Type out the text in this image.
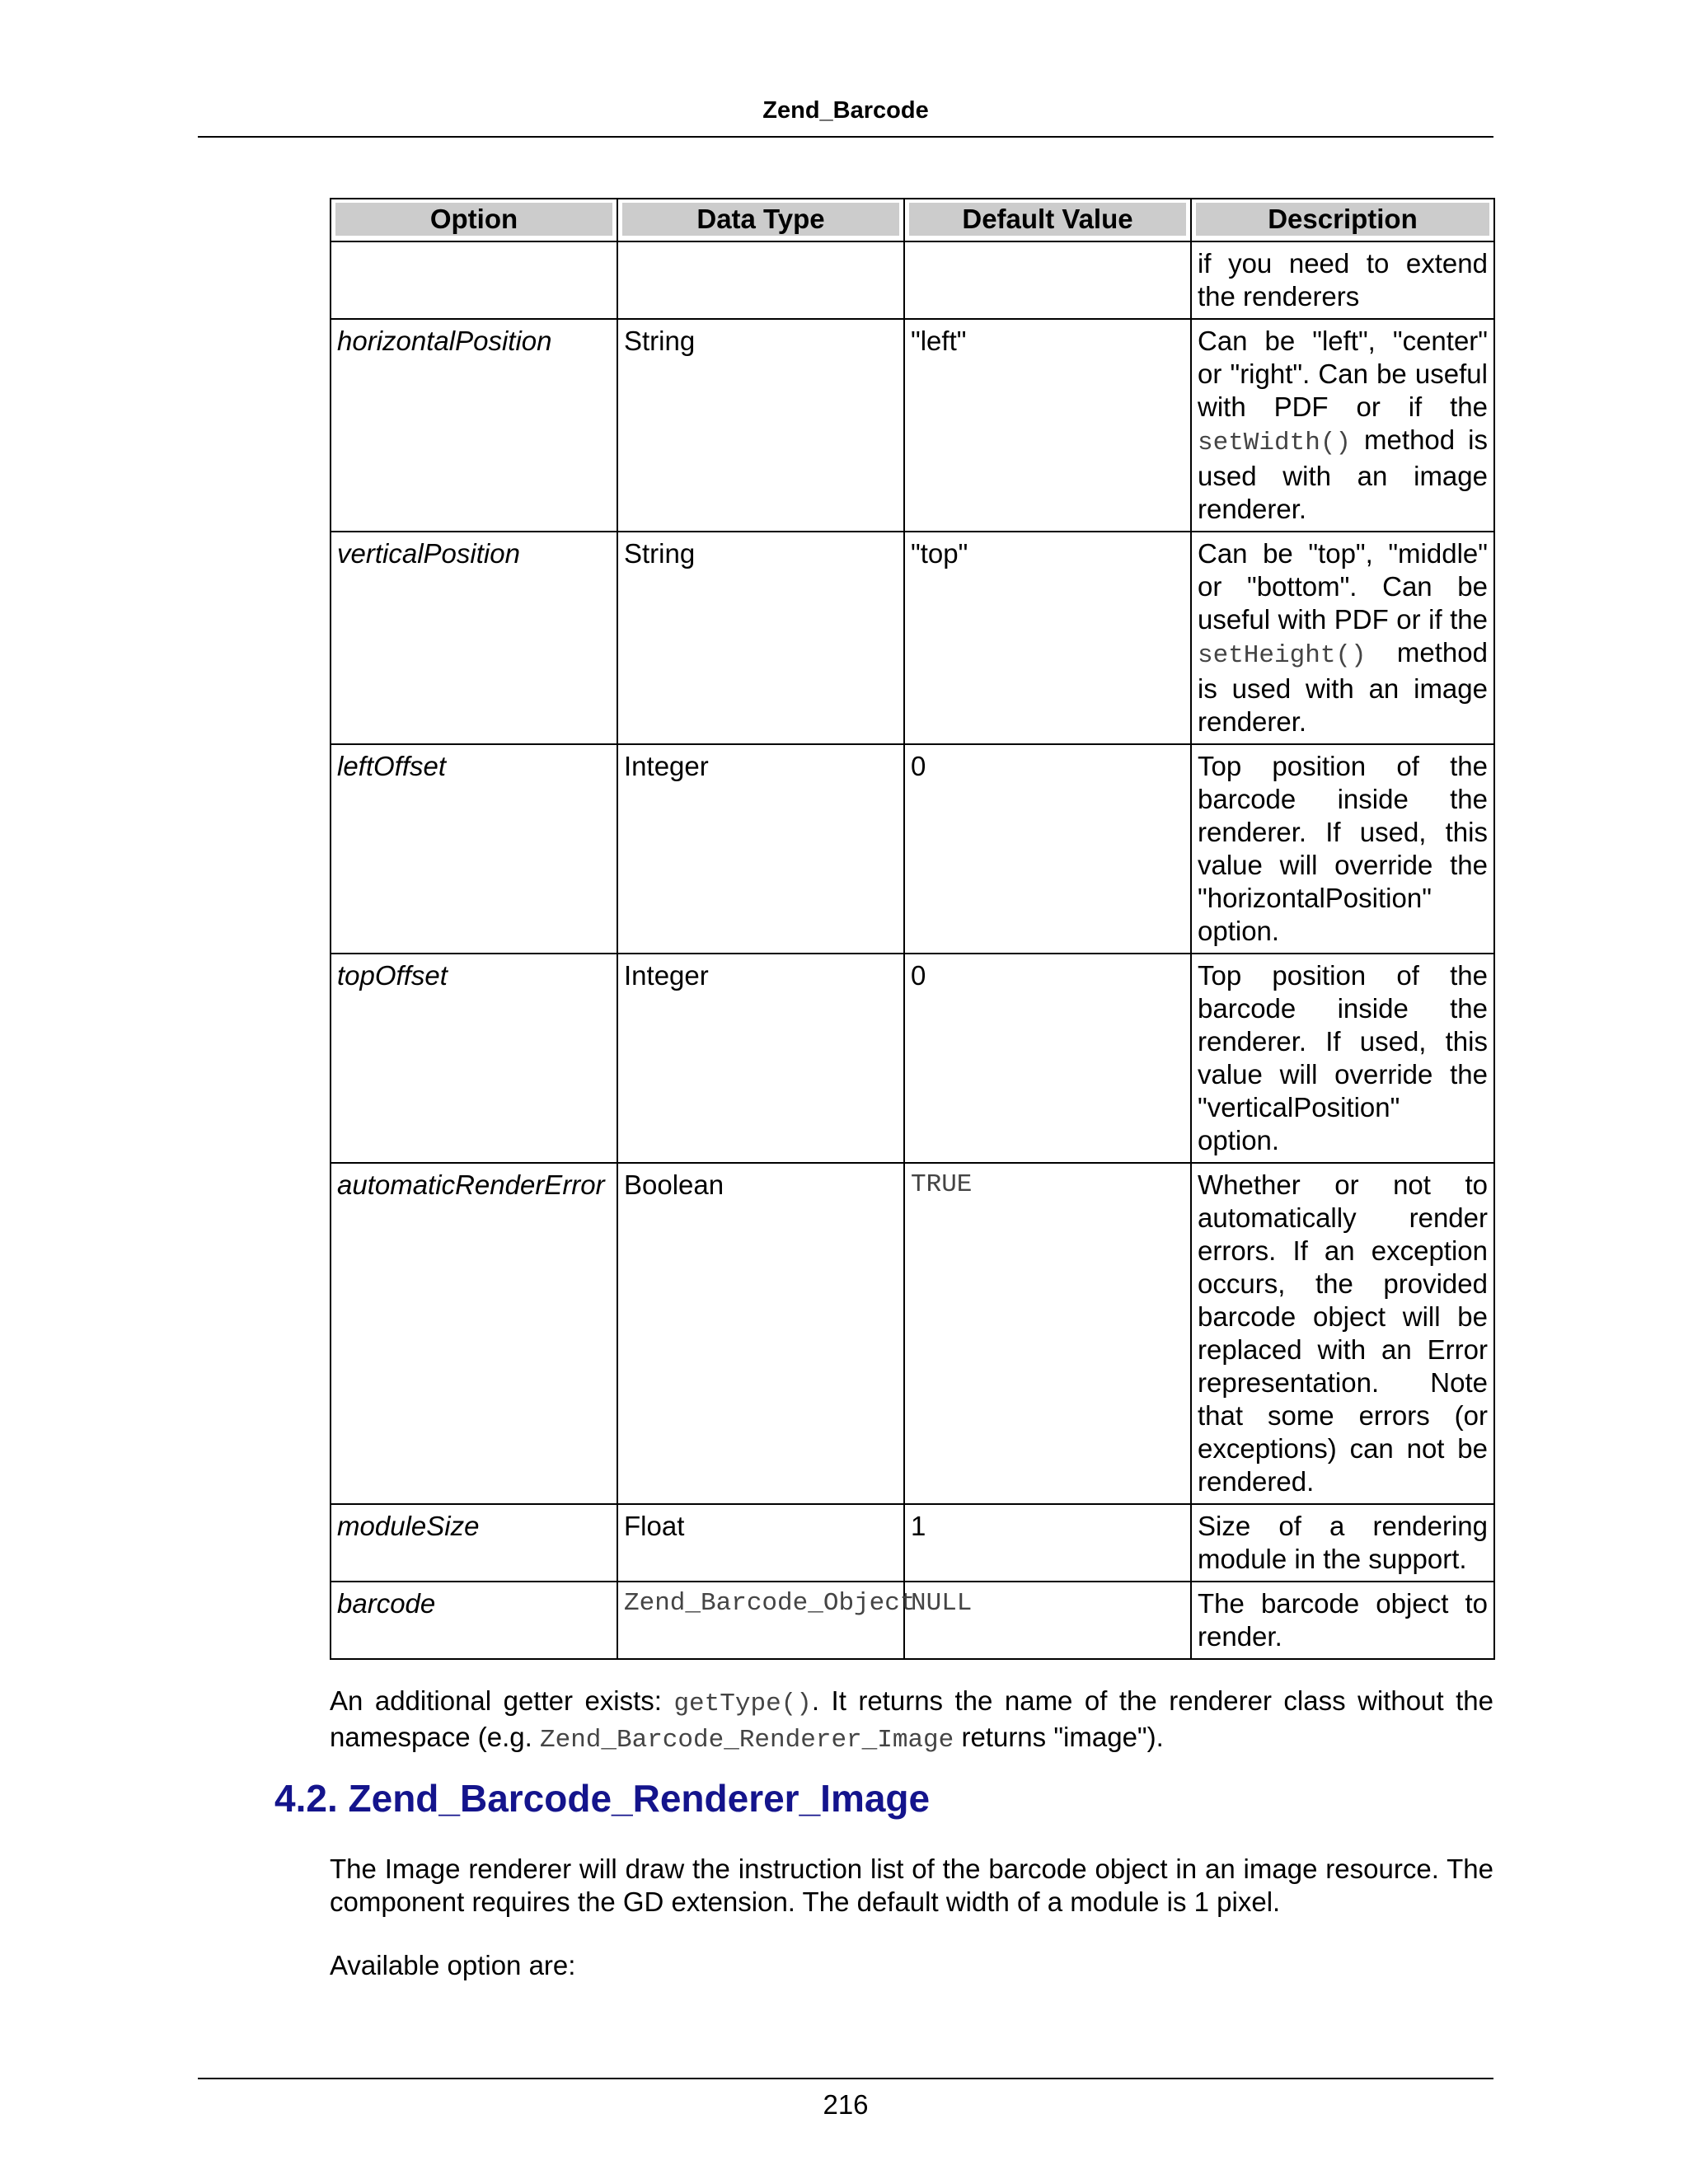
Zend_Barcode
Option	Data Type	Default Value	Description

			if you need to extend the renderers
horizontalPosition	String	"left"	Can be "left", "center" or "right". Can be useful with PDF or if the setWidth() method is used with an image renderer.
verticalPosition	String	"top"	Can be "top", "middle" or "bottom". Can be useful with PDF or if the setHeight() method is used with an image renderer.
leftOffset	Integer	0	Top position of the barcode inside the renderer. If used, this value will override the "horizontalPosition" option.
topOffset	Integer	0	Top position of the barcode inside the renderer. If used, this value will override the "verticalPosition" option.
automaticRenderError	Boolean	TRUE	Whether or not to automatically render errors. If an exception occurs, the provided barcode object will be replaced with an Error representation. Note that some errors (or exceptions) can not be rendered.
moduleSize	Float	1	Size of a rendering module in the support.
barcode	Zend_Barcode_Object	NULL	The barcode object to render.
An additional getter exists: getType(). It returns the name of the renderer class without the namespace (e.g. Zend_Barcode_Renderer_Image returns "image").
4.2. Zend_Barcode_Renderer_Image
The Image renderer will draw the instruction list of the barcode object in an image resource. The component requires the GD extension. The default width of a module is 1 pixel.
Available option are:
216
